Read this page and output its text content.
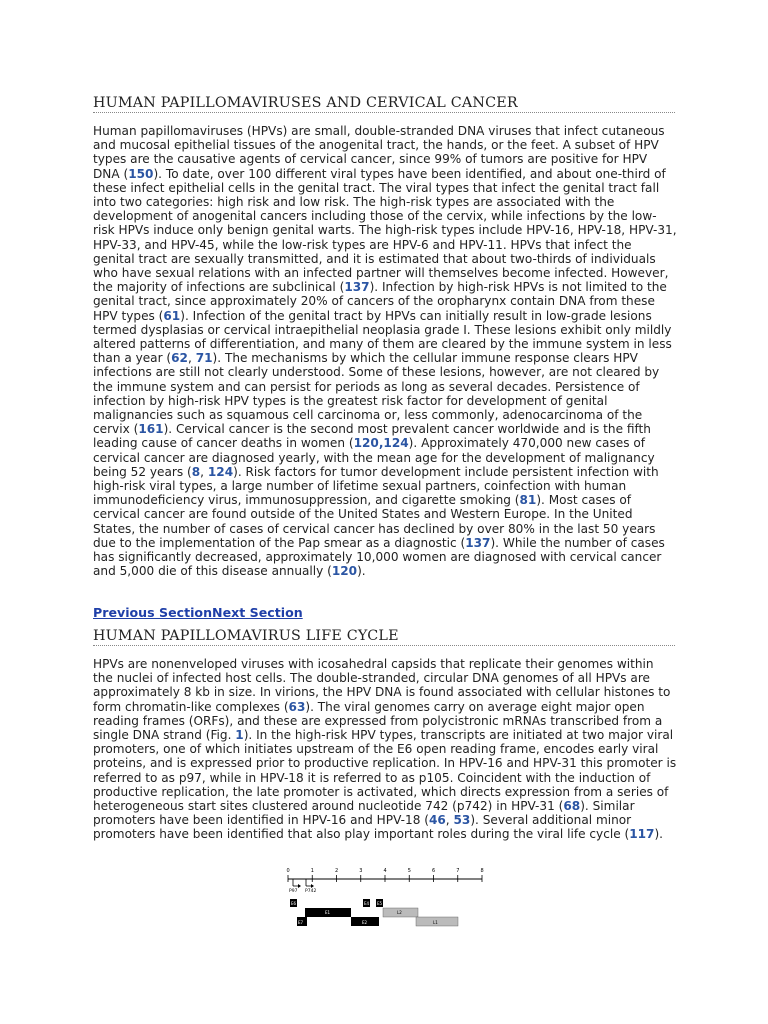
HUMAN PAPILLOMAVIRUSES AND CERVICAL CANCER

Human papillomaviruses (HPVs) are small, double-stranded DNA viruses that infect cutaneous and mucosal epithelial tissues of the anogenital tract, the hands, or the feet. A subset of HPV types are the causative agents of cervical cancer, since 99% of tumors are positive for HPV DNA (150). To date, over 100 different viral types have been identified, and about one-third of these infect epithelial cells in the genital tract. The viral types that infect the genital tract fall into two categories: high risk and low risk. The high-risk types are associated with the development of anogenital cancers including those of the cervix, while infections by the low-risk HPVs induce only benign genital warts. The high-risk types include HPV-16, HPV-18, HPV-31, HPV-33, and HPV-45, while the low-risk types are HPV-6 and HPV-11. HPVs that infect the genital tract are sexually transmitted, and it is estimated that about two-thirds of individuals who have sexual relations with an infected partner will themselves become infected. However, the majority of infections are subclinical (137). Infection by high-risk HPVs is not limited to the genital tract, since approximately 20% of cancers of the oropharynx contain DNA from these HPV types (61). Infection of the genital tract by HPVs can initially result in low-grade lesions termed dysplasias or cervical intraepithelial neoplasia grade I. These lesions exhibit only mildly altered patterns of differentiation, and many of them are cleared by the immune system in less than a year (62, 71). The mechanisms by which the cellular immune response clears HPV infections are still not clearly understood. Some of these lesions, however, are not cleared by the immune system and can persist for periods as long as several decades. Persistence of infection by high-risk HPV types is the greatest risk factor for development of genital malignancies such as squamous cell carcinoma or, less commonly, adenocarcinoma of the cervix (161). Cervical cancer is the second most prevalent cancer worldwide and is the fifth leading cause of cancer deaths in women (120,124). Approximately 470,000 new cases of cervical cancer are diagnosed yearly, with the mean age for the development of malignancy being 52 years (8, 124). Risk factors for tumor development include persistent infection with high-risk viral types, a large number of lifetime sexual partners, coinfection with human immunodeficiency virus, immunosuppression, and cigarette smoking (81). Most cases of cervical cancer are found outside of the United States and Western Europe. In the United States, the number of cases of cervical cancer has declined by over 80% in the last 50 years due to the implementation of the Pap smear as a diagnostic (137). While the number of cases has significantly decreased, approximately 10,000 women are diagnosed with cervical cancer and 5,000 die of this disease annually (120).

Previous SectionNext Section
HUMAN PAPILLOMAVIRUS LIFE CYCLE

HPVs are nonenveloped viruses with icosahedral capsids that replicate their genomes within the nuclei of infected host cells. The double-stranded, circular DNA genomes of all HPVs are approximately 8 kb in size. In virions, the HPV DNA is found associated with cellular histones to form chromatin-like complexes (63). The viral genomes carry on average eight major open reading frames (ORFs), and these are expressed from polycistronic mRNAs transcribed from a single DNA strand (Fig. 1). In the high-risk HPV types, transcripts are initiated at two major viral promoters, one of which initiates upstream of the E6 open reading frame, encodes early viral proteins, and is expressed prior to productive replication. In HPV-16 and HPV-31 this promoter is referred to as p97, while in HPV-18 it is referred to as p105. Coincident with the induction of productive replication, the late promoter is activated, which directs expression from a series of heterogeneous start sites clustered around nucleotide 742 (p742) in HPV-31 (68). Similar promoters have been identified in HPV-16 and HPV-18 (46, 53). Several additional minor promoters have been identified that also play important roles during the viral life cycle (117).

0	1	2	3	4	5	6	7	8
P97 P742
E6	E4 E5
E1	L2
E7	E2	L1
